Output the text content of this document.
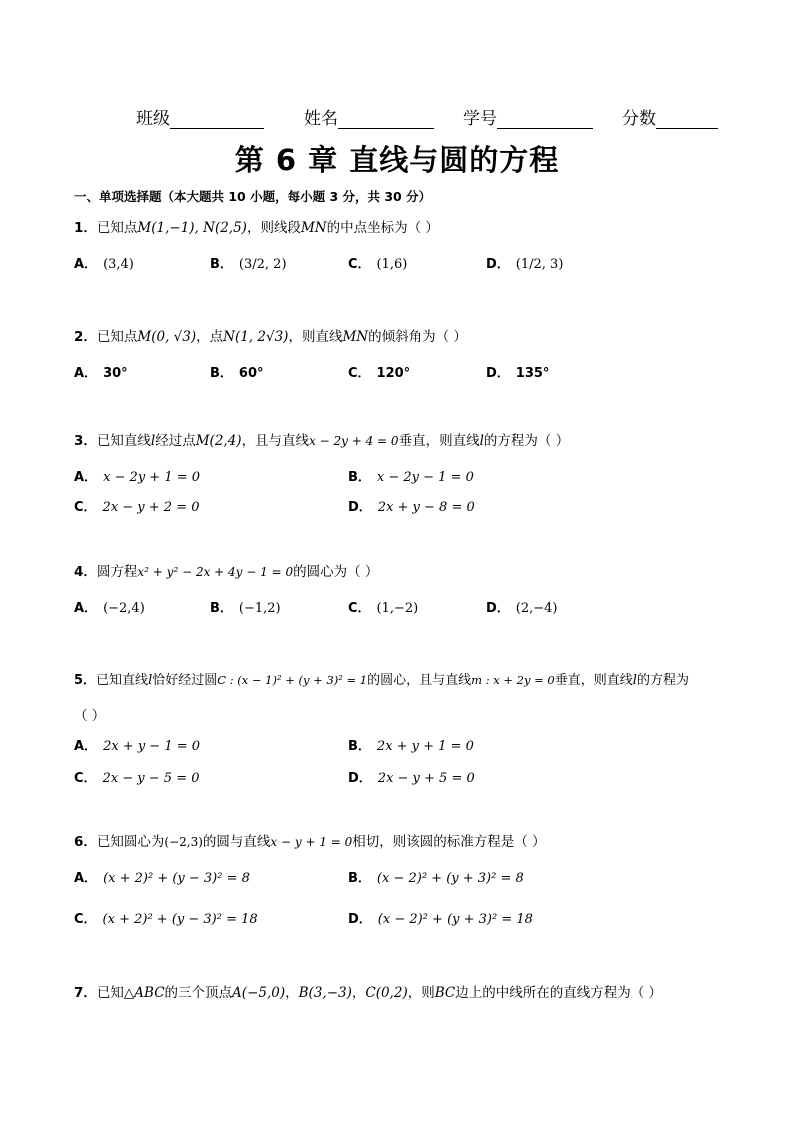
班级	姓名	学号	分数
第 6 章 直线与圆的方程
一、单项选择题（本大题共 10 小题，每小题 3 分，共 30 分）
1．已知点M(1,−1), N(2,5)，则线段MN的中点坐标为（ ）
A． (3,4)	B． (3/2, 2)	C． (1,6)	D． (1/2, 3)
2．已知点M(0, √3)，点N(1, 2√3)，则直线MN的倾斜角为（ ）
A． 30°	B． 60°	C． 120°	D． 135°
3．已知直线l经过点M(2,4)，且与直线x − 2y + 4 = 0垂直，则直线l的方程为（ ）
A． x − 2y + 1 = 0	B． x − 2y − 1 = 0
C． 2x − y + 2 = 0	D． 2x + y − 8 = 0
4．圆方程x² + y² − 2x + 4y − 1 = 0的圆心为（ ）
A． (−2,4)	B． (−1,2)	C． (1,−2)	D． (2,−4)
5．已知直线l恰好经过圆C : (x − 1)² + (y + 3)² = 1的圆心，且与直线m : x + 2y = 0垂直，则直线l的方程为
（ ）
A． 2x + y − 1 = 0	B． 2x + y + 1 = 0
C． 2x − y − 5 = 0	D． 2x − y + 5 = 0
6．已知圆心为(−2,3)的圆与直线x − y + 1 = 0相切，则该圆的标准方程是（ ）
A． (x + 2)² + (y − 3)² = 8	B． (x − 2)² + (y + 3)² = 8
C． (x + 2)² + (y − 3)² = 18	D． (x − 2)² + (y + 3)² = 18
7．已知△ABC的三个顶点A(−5,0)，B(3,−3)，C(0,2)，则BC边上的中线所在的直线方程为（ ）
